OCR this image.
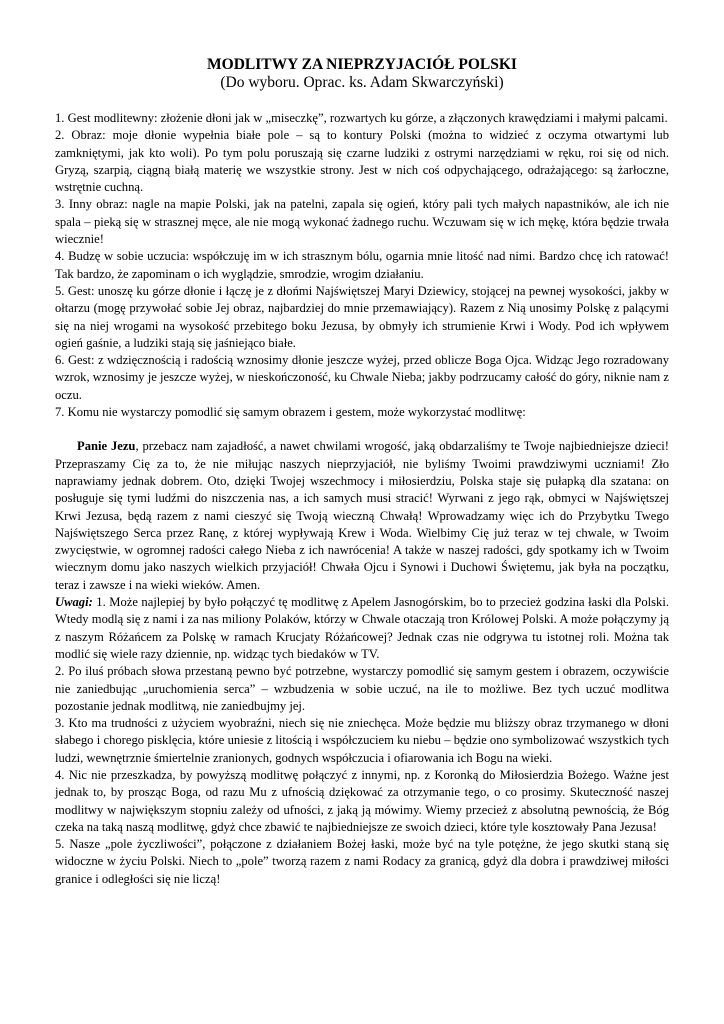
MODLITWY ZA NIEPRZYJACIÓŁ POLSKI
(Do wyboru. Oprac. ks. Adam Skwarczyński)

1. Gest modlitewny: złożenie dłoni jak w „miseczkę”, rozwartych ku górze, a złączonych krawędziami i małymi palcami.

2. Obraz: moje dłonie wypełnia białe pole – są to kontury Polski (można to widzieć z oczyma otwartymi lub zamkniętymi, jak kto woli). Po tym polu poruszają się czarne ludziki z ostrymi narzędziami w ręku, roi się od nich. Gryzą, szarpią, ciągną białą materię we wszystkie strony. Jest w nich coś odpychającego, odrażającego: są żarłoczne, wstrętnie cuchną.

3. Inny obraz: nagle na mapie Polski, jak na patelni, zapala się ogień, który pali tych małych napastników, ale ich nie spala – pieką się w strasznej męce, ale nie mogą wykonać żadnego ruchu. Wczuwam się w ich mękę, która będzie trwała wiecznie!

4. Budzę w sobie uczucia: współczuję im w ich strasznym bólu, ogarnia mnie litość nad nimi. Bardzo chcę ich ratować! Tak bardzo, że zapominam o ich wyglądzie, smrodzie, wrogim działaniu.

5. Gest: unoszę ku górze dłonie i łączę je z dłońmi Najświętszej Maryi Dziewicy, stojącej na pewnej wysokości, jakby w ołtarzu (mogę przywołać sobie Jej obraz, najbardziej do mnie przemawiający). Razem z Nią unosimy Polskę z palącymi się na niej wrogami na wysokość przebitego boku Jezusa, by obmyły ich strumienie Krwi i Wody. Pod ich wpływem ogień gaśnie, a ludziki stają się jaśniejąco białe.

6. Gest: z wdzięcznością i radością wznosimy dłonie jeszcze wyżej, przed oblicze Boga Ojca. Widząc Jego rozradowany wzrok, wznosimy je jeszcze wyżej, w nieskończoność, ku Chwale Nieba; jakby podrzucamy całość do góry, niknie nam z oczu.

7. Komu nie wystarczy pomodlić się samym obrazem i gestem, może wykorzystać modlitwę:

Panie Jezu, przebacz nam zajadłość, a nawet chwilami wrogość, jaką obdarzaliśmy te Twoje najbiedniejsze dzieci! Przepraszamy Cię za to, że nie miłując naszych nieprzyjaciół, nie byliśmy Twoimi prawdziwymi uczniami! Zło naprawiamy jednak dobrem. Oto, dzięki Twojej wszechmocy i miłosierdziu, Polska staje się pułapką dla szatana: on posługuje się tymi ludźmi do niszczenia nas, a ich samych musi stracić! Wyrwani z jego rąk, obmyci w Najświętszej Krwi Jezusa, będą razem z nami cieszyć się Twoją wieczną Chwałą! Wprowadzamy więc ich do Przybytku Twego Najświętszego Serca przez Ranę, z której wypływają Krew i Woda. Wielbimy Cię już teraz w tej chwale, w Twoim zwycięstwie, w ogromnej radości całego Nieba z ich nawrócenia! A także w naszej radości, gdy spotkamy ich w Twoim wiecznym domu jako naszych wielkich przyjaciół! Chwała Ojcu i Synowi i Duchowi Świętemu, jak była na początku, teraz i zawsze i na wieki wieków. Amen.

Uwagi: 1. Może najlepiej by było połączyć tę modlitwę z Apelem Jasnogórskim, bo to przecież godzina łaski dla Polski. Wtedy modlą się z nami i za nas miliony Polaków, którzy w Chwale otaczają tron Królowej Polski. A może połączymy ją z naszym Różańcem za Polskę w ramach Krucjaty Różańcowej? Jednak czas nie odgrywa tu istotnej roli. Można tak modlić się wiele razy dziennie, np. widząc tych biedaków w TV.

2. Po iluś próbach słowa przestaną pewno być potrzebne, wystarczy pomodlić się samym gestem i obrazem, oczywiście nie zaniedbując „uruchomienia serca” – wzbudzenia w sobie uczuć, na ile to możliwe. Bez tych uczuć modlitwa pozostanie jednak modlitwą, nie zaniedbujmy jej.

3. Kto ma trudności z użyciem wyobraźni, niech się nie zniechęca. Może będzie mu bliższy obraz trzymanego w dłoni słabego i chorego pisklęcia, które uniesie z litością i współczuciem ku niebu – będzie ono symbolizować wszystkich tych ludzi, wewnętrznie śmiertelnie zranionych, godnych współczucia i ofiarowania ich Bogu na wieki.

4. Nic nie przeszkadza, by powyższą modlitwę połączyć z innymi, np. z Koronką do Miłosierdzia Bożego. Ważne jest jednak to, by prosząc Boga, od razu Mu z ufnością dziękować za otrzymanie tego, o co prosimy. Skuteczność naszej modlitwy w największym stopniu zależy od ufności, z jaką ją mówimy. Wiemy przecież z absolutną pewnością, że Bóg czeka na taką naszą modlitwę, gdyż chce zbawić te najbiedniejsze ze swoich dzieci, które tyle kosztowały Pana Jezusa!

5. Nasze „pole życzliwości”, połączone z działaniem Bożej łaski, może być na tyle potężne, że jego skutki staną się widoczne w życiu Polski. Niech to „pole” tworzą razem z nami Rodacy za granicą, gdyż dla dobra i prawdziwej miłości granice i odległości się nie liczą!
